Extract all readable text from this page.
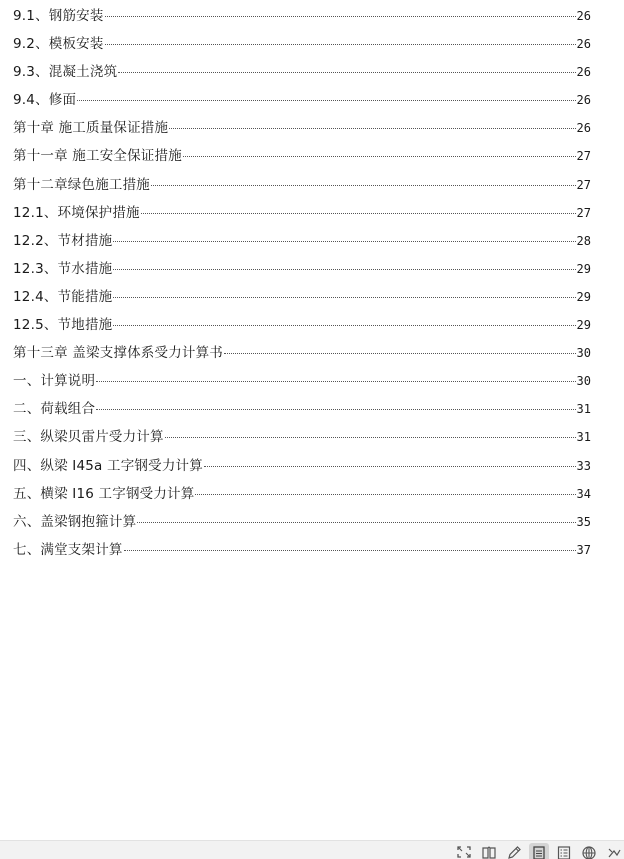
9.1、钢筋安装	26
9.2、模板安装	26
9.3、混凝土浇筑	26
9.4、修面	26
第十章 施工质量保证措施	26
第十一章 施工安全保证措施	27
第十二章绿色施工措施	27
12.1、环境保护措施	27
12.2、节材措施	28
12.3、节水措施	29
12.4、节能措施	29
12.5、节地措施	29
第十三章 盖梁支撑体系受力计算书	30
一、计算说明	30
二、荷载组合	31
三、纵梁贝雷片受力计算	31
四、纵梁 I45a 工字钢受力计算	33
五、横梁 I16 工字钢受力计算	34
六、盖梁钢抱箍计算	35
七、满堂支架计算	37
